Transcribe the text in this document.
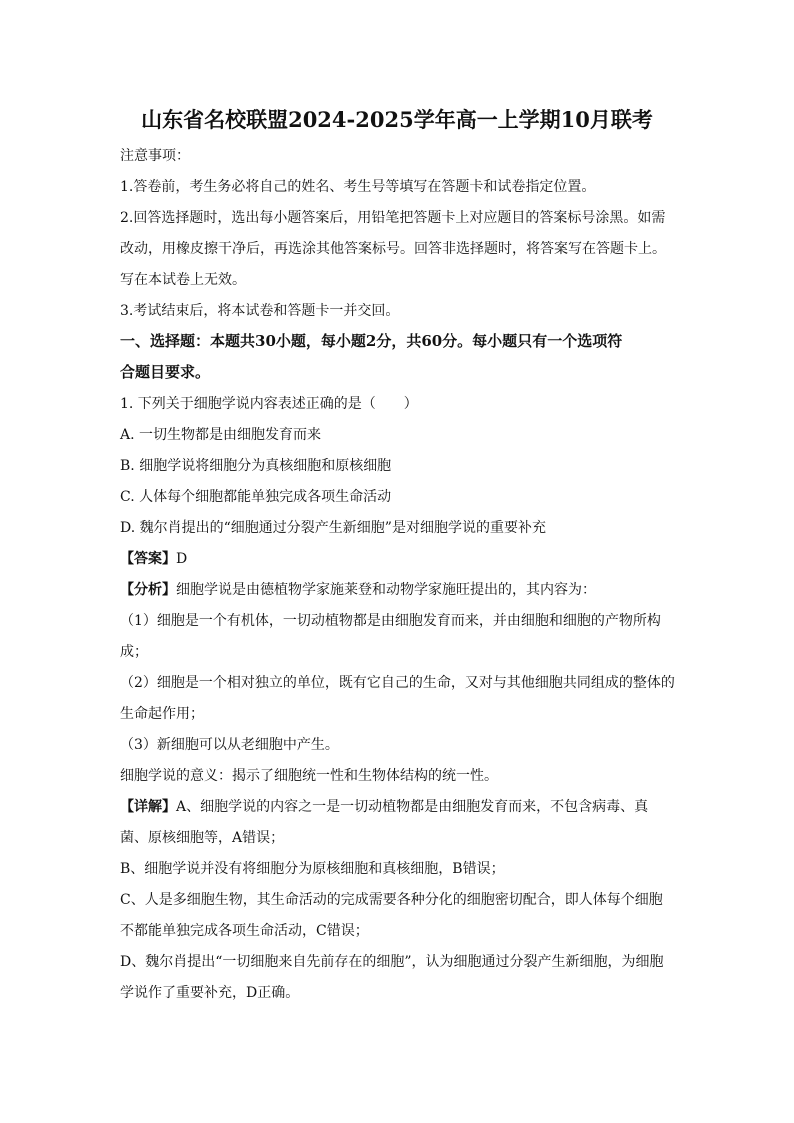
山东省名校联盟2024-2025学年高一上学期10月联考
注意事项：
1.答卷前，考生务必将自己的姓名、考生号等填写在答题卡和试卷指定位置。
2.回答选择题时，选出每小题答案后，用铅笔把答题卡上对应题目的答案标号涂黑。如需
改动，用橡皮擦干净后，再选涂其他答案标号。回答非选择题时，将答案写在答题卡上。
写在本试卷上无效。
3.考试结束后，将本试卷和答题卡一并交回。
一、选择题：本题共30小题，每小题2分，共60分。每小题只有一个选项符
合题目要求。
1. 下列关于细胞学说内容表述正确的是（　　）
A. 一切生物都是由细胞发育而来
B. 细胞学说将细胞分为真核细胞和原核细胞
C. 人体每个细胞都能单独完成各项生命活动
D. 魏尔肖提出的“细胞通过分裂产生新细胞”是对细胞学说的重要补充
【答案】D
【分析】细胞学说是由德植物学家施莱登和动物学家施旺提出的，其内容为：
（1）细胞是一个有机体，一切动植物都是由细胞发育而来，并由细胞和细胞的产物所构
成；
（2）细胞是一个相对独立的单位，既有它自己的生命，又对与其他细胞共同组成的整体的
生命起作用；
（3）新细胞可以从老细胞中产生。
细胞学说的意义：揭示了细胞统一性和生物体结构的统一性。
【详解】A、细胞学说的内容之一是一切动植物都是由细胞发育而来，不包含病毒、真
菌、原核细胞等，A错误；
B、细胞学说并没有将细胞分为原核细胞和真核细胞，B错误；
C、人是多细胞生物，其生命活动的完成需要各种分化的细胞密切配合，即人体每个细胞
不都能单独完成各项生命活动，C错误；
D、魏尔肖提出“一切细胞来自先前存在的细胞”，认为细胞通过分裂产生新细胞，为细胞
学说作了重要补充，D正确。
